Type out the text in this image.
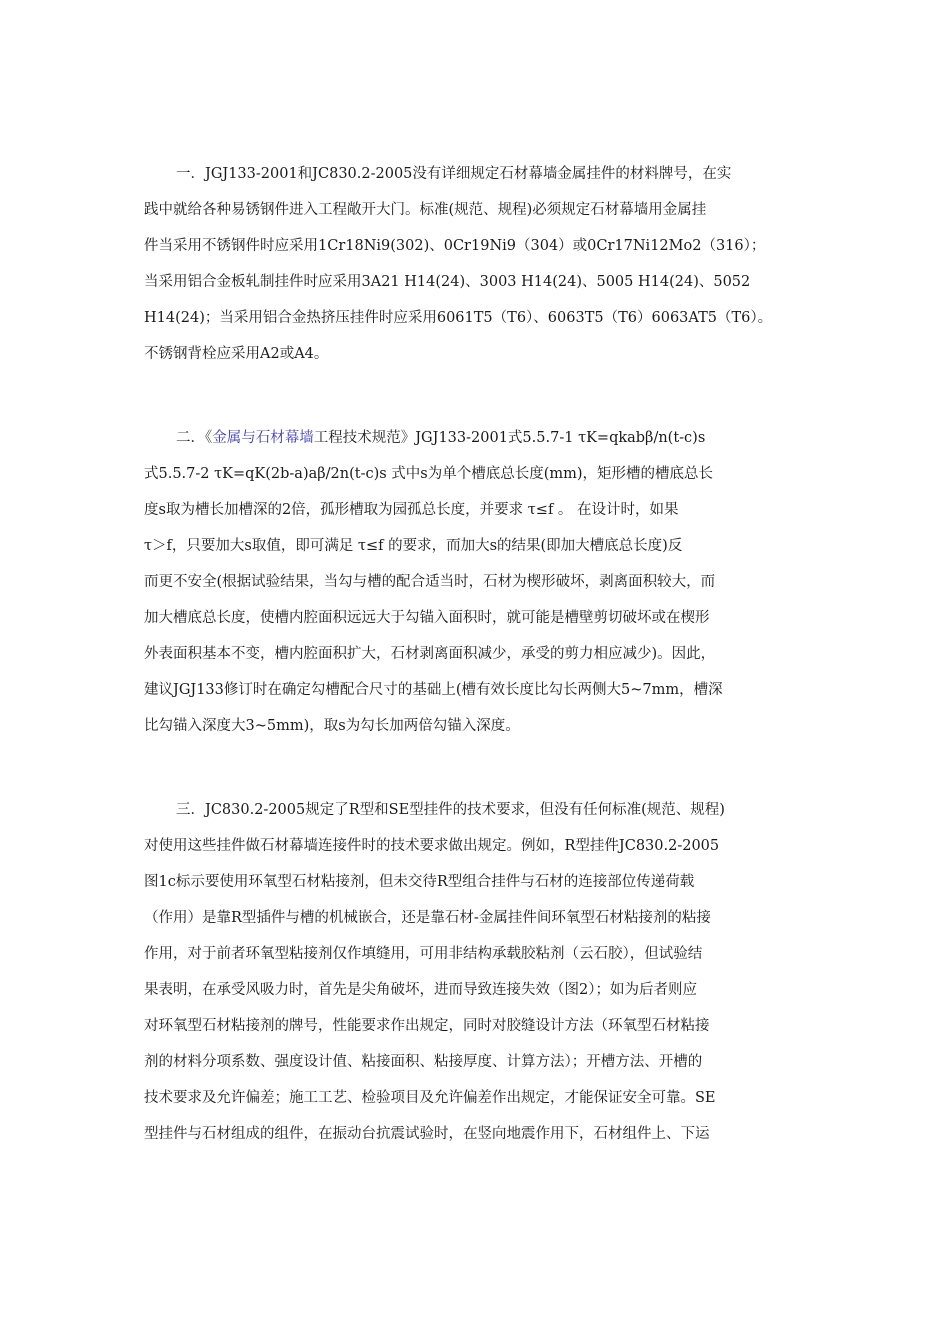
一．JGJ133-2001和JC830.2-2005没有详细规定石材幕墙金属挂件的材料牌号，在实
践中就给各种易锈钢件进入工程敞开大门。标准(规范、规程)必须规定石材幕墙用金属挂
件当采用不锈钢件时应采用1Cr18Ni9(302)、0Cr19Ni9（304）或0Cr17Ni12Mo2（316）；
当采用铝合金板轧制挂件时应采用3A21 H14(24)、3003 H14(24)、5005 H14(24)、5052
H14(24)；当采用铝合金热挤压挂件时应采用6061T5（T6）、6063T5（T6）6063AT5（T6）。
不锈钢背栓应采用A2或A4。
二．《金属与石材幕墙工程技术规范》JGJ133-2001式5.5.7-1 τK=qkabβ/n(t-c)s
式5.5.7-2 τK=qK(2b-a)aβ/2n(t-c)s 式中s为单个槽底总长度(mm)，矩形槽的槽底总长
度s取为槽长加槽深的2倍，孤形槽取为园孤总长度，并要求 τ≤f 。 在设计时，如果
τ＞f，只要加大s取值，即可满足 τ≤f 的要求，而加大s的结果(即加大槽底总长度)反
而更不安全(根据试验结果，当勾与槽的配合适当时，石材为楔形破坏，剥离面积较大，而
加大槽底总长度，使槽内腔面积远远大于勾锚入面积时，就可能是槽壁剪切破坏或在楔形
外表面积基本不变，槽内腔面积扩大，石材剥离面积减少，承受的剪力相应减少)。因此，
建议JGJ133修订时在确定勾槽配合尺寸的基础上(槽有效长度比勾长两侧大5~7mm，槽深
比勾锚入深度大3~5mm)，取s为勾长加两倍勾锚入深度。
三．JC830.2-2005规定了R型和SE型挂件的技术要求，但没有任何标准(规范、规程)
对使用这些挂件做石材幕墙连接件时的技术要求做出规定。例如，R型挂件JC830.2-2005
图1c标示要使用环氧型石材粘接剂，但未交待R型组合挂件与石材的连接部位传递荷载
（作用）是靠R型插件与槽的机械嵌合，还是靠石材-金属挂件间环氧型石材粘接剂的粘接
作用，对于前者环氧型粘接剂仅作填缝用，可用非结构承载胶粘剂（云石胶），但试验结
果表明，在承受风吸力时，首先是尖角破坏，进而导致连接失效（图2）；如为后者则应
对环氧型石材粘接剂的牌号，性能要求作出规定，同时对胶缝设计方法（环氧型石材粘接
剂的材料分项系数、强度设计值、粘接面积、粘接厚度、计算方法）；开槽方法、开槽的
技术要求及允许偏差；施工工艺、检验项目及允许偏差作出规定，才能保证安全可靠。SE
型挂件与石材组成的组件，在振动台抗震试验时，在竖向地震作用下，石材组件上、下运
